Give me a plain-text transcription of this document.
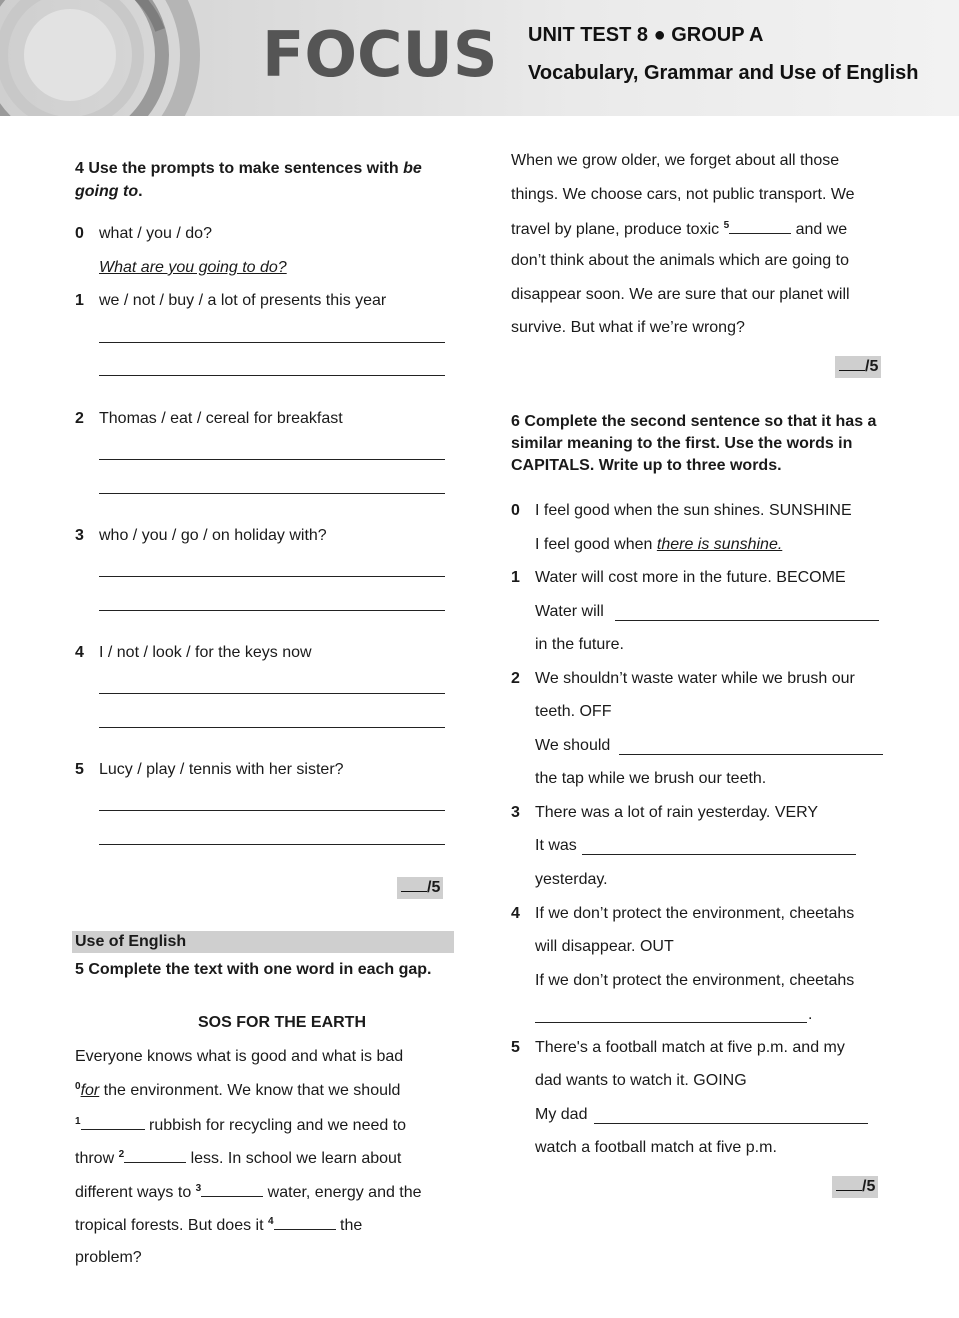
FOCUS UNIT TEST 8 ● GROUP A
Vocabulary, Grammar and Use of English
4 Use the prompts to make sentences with be
going to.
0 what / you / do?
What are you going to do?
1 we / not / buy / a lot of presents this year
2 Thomas / eat / cereal for breakfast
3 who / you / go / on holiday with?
4 I / not / look / for the keys now
5 Lucy / play / tennis with her sister?
/5
Use of English
5 Complete the text with one word in each gap.
SOS FOR THE EARTH
Everyone knows what is good and what is bad
$^0$for the environment. We know that we should
$^1$	rubbish for recycling and we need to
throw $^2$	less. In school we learn about
different ways to $^3$	water, energy and the
tropical forests. But does it $^4$	the
problem?
When we grow older, we forget about all those
things. We choose cars, not public transport. We
travel by plane, produce toxic $^5$	and we
don’t think about the animals which are going to
disappear soon. We are sure that our planet will
survive. But what if we’re wrong?
/5
6 Complete the second sentence so that it has a
similar meaning to the first. Use the words in
CAPITALS. Write up to three words.
0 I feel good when the sun shines. SUNSHINE
I feel good when there is sunshine.
1 Water will cost more in the future. BECOME
Water will
in the future.
2 We shouldn’t waste water while we brush our
teeth. OFF
We should
the tap while we brush our teeth.
3 There was a lot of rain yesterday. VERY
It was
yesterday.
4 If we don’t protect the environment, cheetahs
will disappear. OUT
If we don’t protect the environment, cheetahs
.
5 There's a football match at five p.m. and my
dad wants to watch it. GOING
My dad
watch a football match at five p.m.
/5
